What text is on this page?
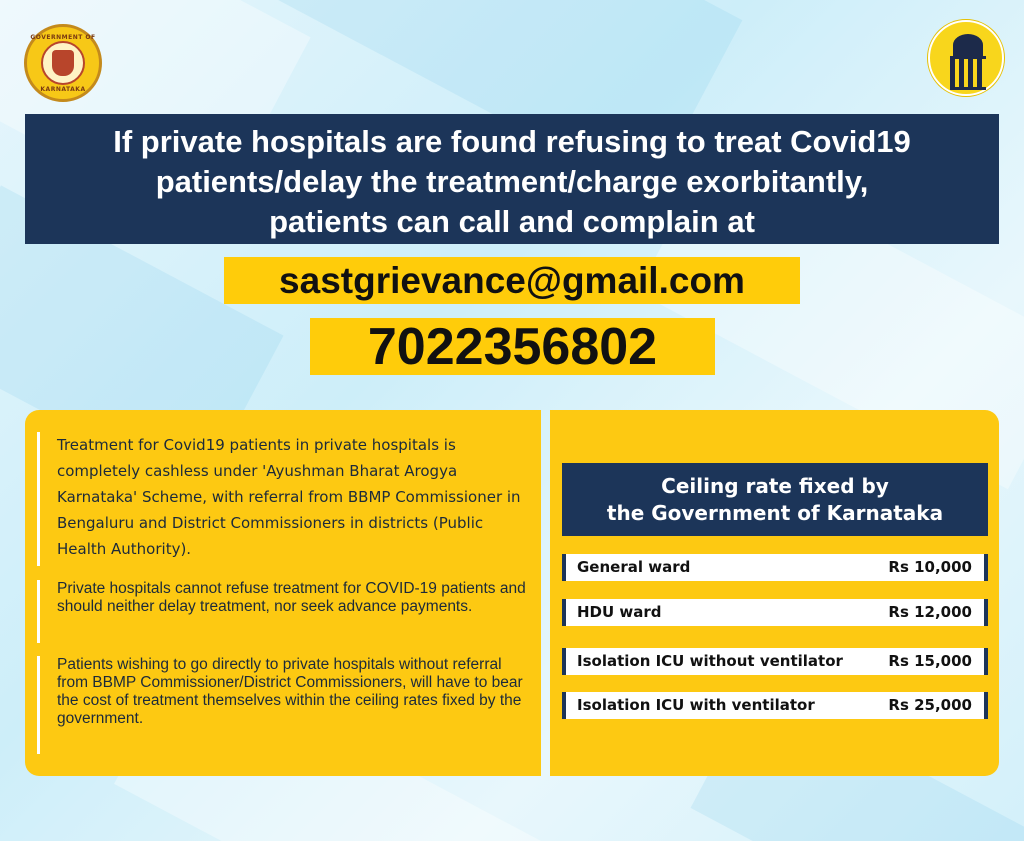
GOVERNMENT OF
KARNATAKA
If private hospitals are found refusing to treat Covid19
patients/delay the treatment/charge exorbitantly,
patients can call and complain at
sastgrievance@gmail.com
7022356802
Treatment for Covid19 patients in private hospitals is completely cashless under 'Ayushman Bharat Arogya Karnataka' Scheme, with referral from BBMP Commissioner in Bengaluru and District Commissioners in districts (Public Health Authority).
Private hospitals cannot refuse treatment for COVID-19 patients and should neither delay treatment, nor seek advance payments.
Patients wishing to go directly to private hospitals without referral from BBMP Commissioner/District Commissioners, will have to bear the cost of treatment themselves within the ceiling rates fixed by the government.
Ceiling rate fixed by
the Government of Karnataka
General ward	Rs 10,000
HDU ward	Rs 12,000
Isolation ICU without ventilator	Rs 15,000
Isolation ICU with ventilator	Rs 25,000
